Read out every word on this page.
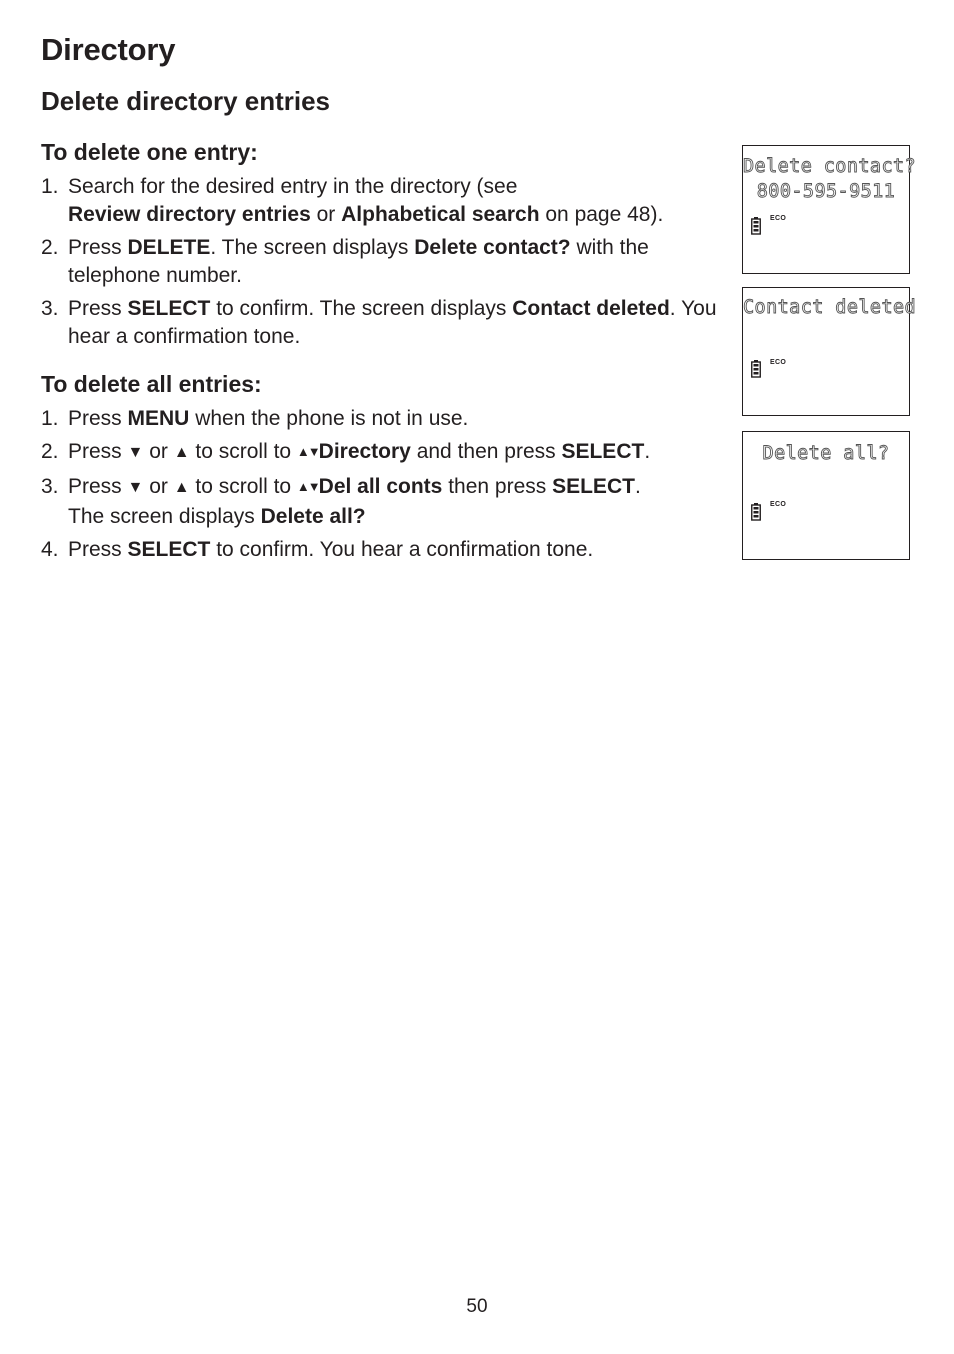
Directory
Delete directory entries
To delete one entry:
1. Search for the desired entry in the directory (see
Review directory entries or Alphabetical search on page 48).
2. Press DELETE. The screen displays Delete contact? with the telephone number.
3. Press SELECT to confirm. The screen displays Contact deleted. You hear a confirmation tone.
To delete all entries:
1. Press MENU when the phone is not in use.
2. Press ▼ or ▲ to scroll to ▲▼Directory and then press SELECT.
3. Press ▼ or ▲ to scroll to ▲▼Del all conts then press SELECT.
The screen displays Delete all?
4. Press SELECT to confirm. You hear a confirmation tone.
Delete contact?
800-595-9511
ECO
Contact deleted
ECO
Delete all?
ECO
50
